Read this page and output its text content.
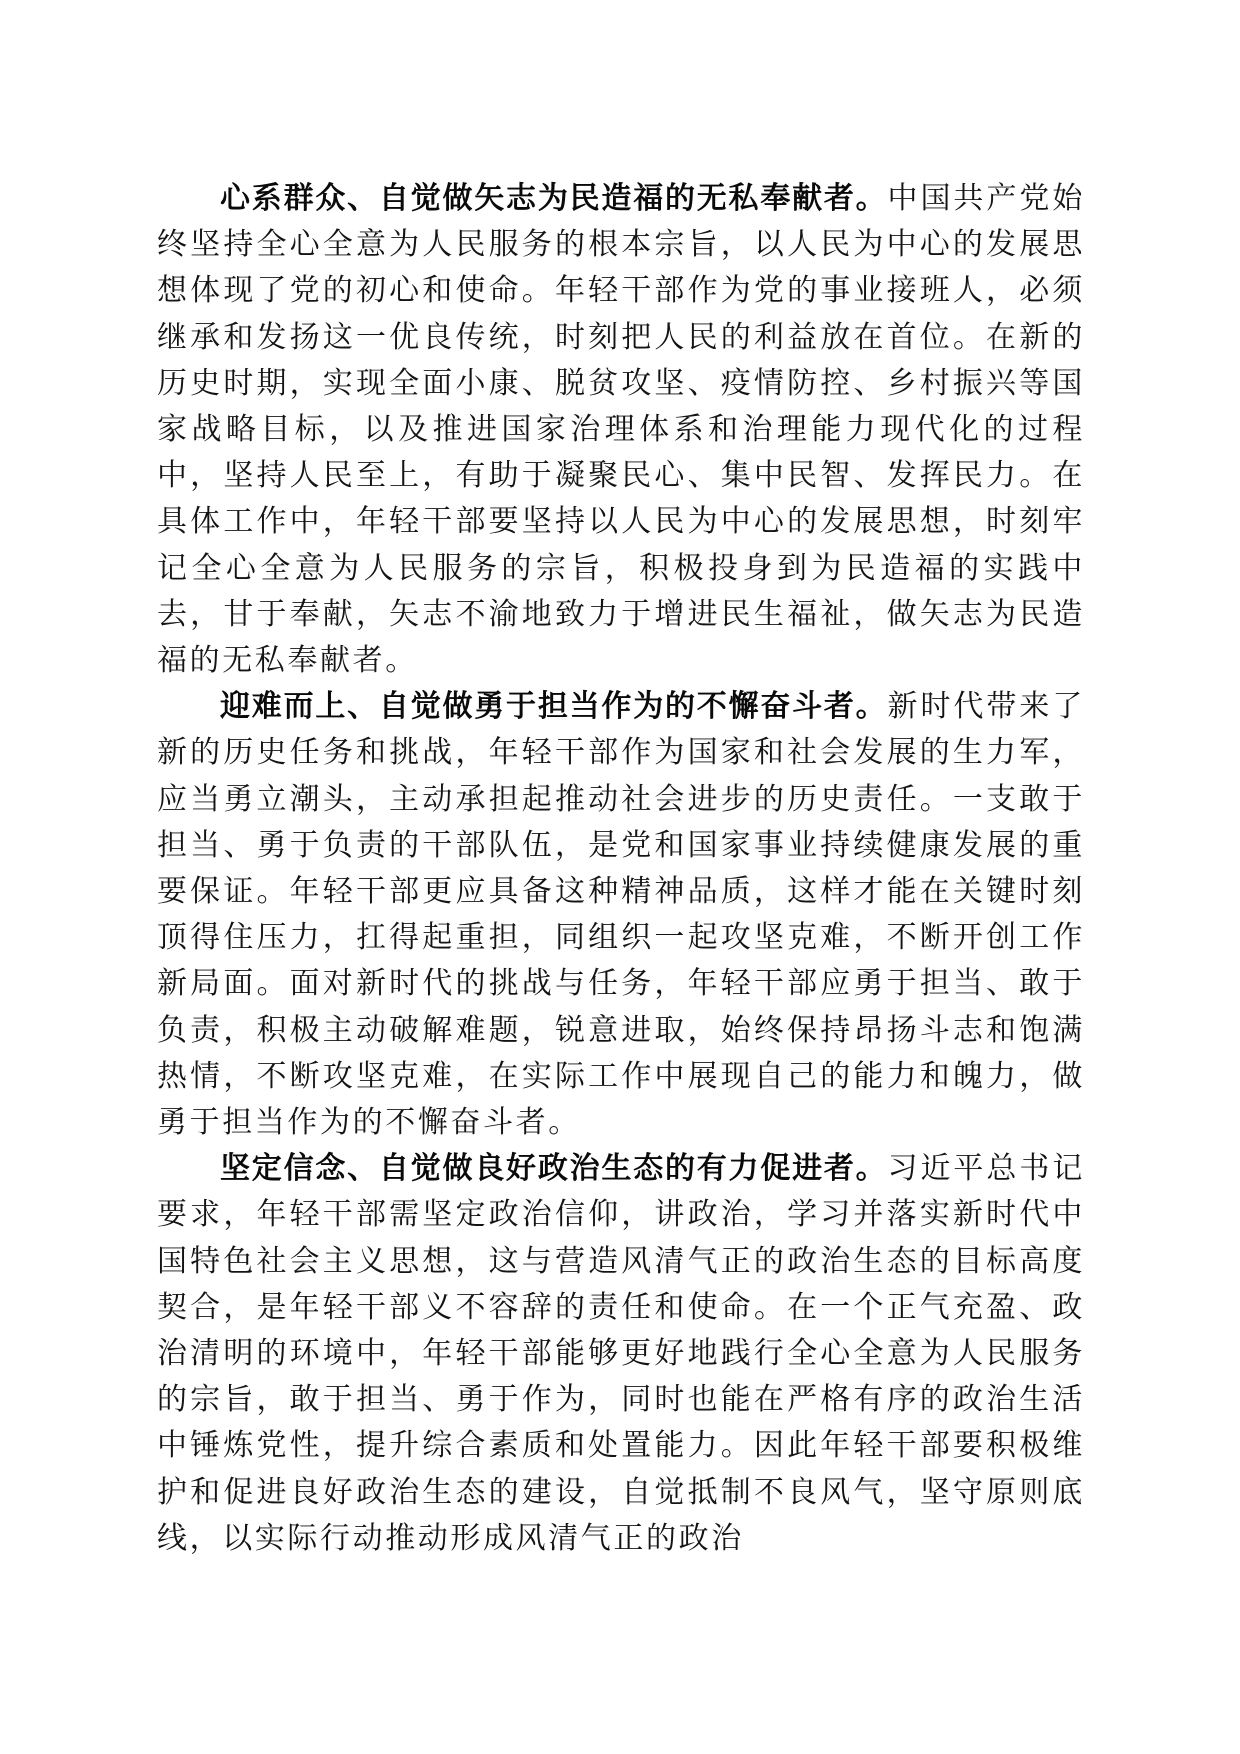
心系群众、自觉做矢志为民造福的无私奉献者。中国共产党始终坚持全心全意为人民服务的根本宗旨，以人民为中心的发展思想体现了党的初心和使命。年轻干部作为党的事业接班人，必须继承和发扬这一优良传统，时刻把人民的利益放在首位。在新的历史时期，实现全面小康、脱贫攻坚、疫情防控、乡村振兴等国家战略目标，以及推进国家治理体系和治理能力现代化的过程中，坚持人民至上，有助于凝聚民心、集中民智、发挥民力。在具体工作中，年轻干部要坚持以人民为中心的发展思想，时刻牢记全心全意为人民服务的宗旨，积极投身到为民造福的实践中去，甘于奉献，矢志不渝地致力于增进民生福祉，做矢志为民造福的无私奉献者。

迎难而上、自觉做勇于担当作为的不懈奋斗者。新时代带来了新的历史任务和挑战，年轻干部作为国家和社会发展的生力军，应当勇立潮头，主动承担起推动社会进步的历史责任。一支敢于担当、勇于负责的干部队伍，是党和国家事业持续健康发展的重要保证。年轻干部更应具备这种精神品质，这样才能在关键时刻顶得住压力，扛得起重担，同组织一起攻坚克难，不断开创工作新局面。面对新时代的挑战与任务，年轻干部应勇于担当、敢于负责，积极主动破解难题，锐意进取，始终保持昂扬斗志和饱满热情，不断攻坚克难，在实际工作中展现自己的能力和魄力，做勇于担当作为的不懈奋斗者。

坚定信念、自觉做良好政治生态的有力促进者。习近平总书记要求，年轻干部需坚定政治信仰，讲政治，学习并落实新时代中国特色社会主义思想，这与营造风清气正的政治生态的目标高度契合，是年轻干部义不容辞的责任和使命。在一个正气充盈、政治清明的环境中，年轻干部能够更好地践行全心全意为人民服务的宗旨，敢于担当、勇于作为，同时也能在严格有序的政治生活中锤炼党性，提升综合素质和处置能力。因此年轻干部要积极维护和促进良好政治生态的建设，自觉抵制不良风气，坚守原则底线，以实际行动推动形成风清气正的政治
